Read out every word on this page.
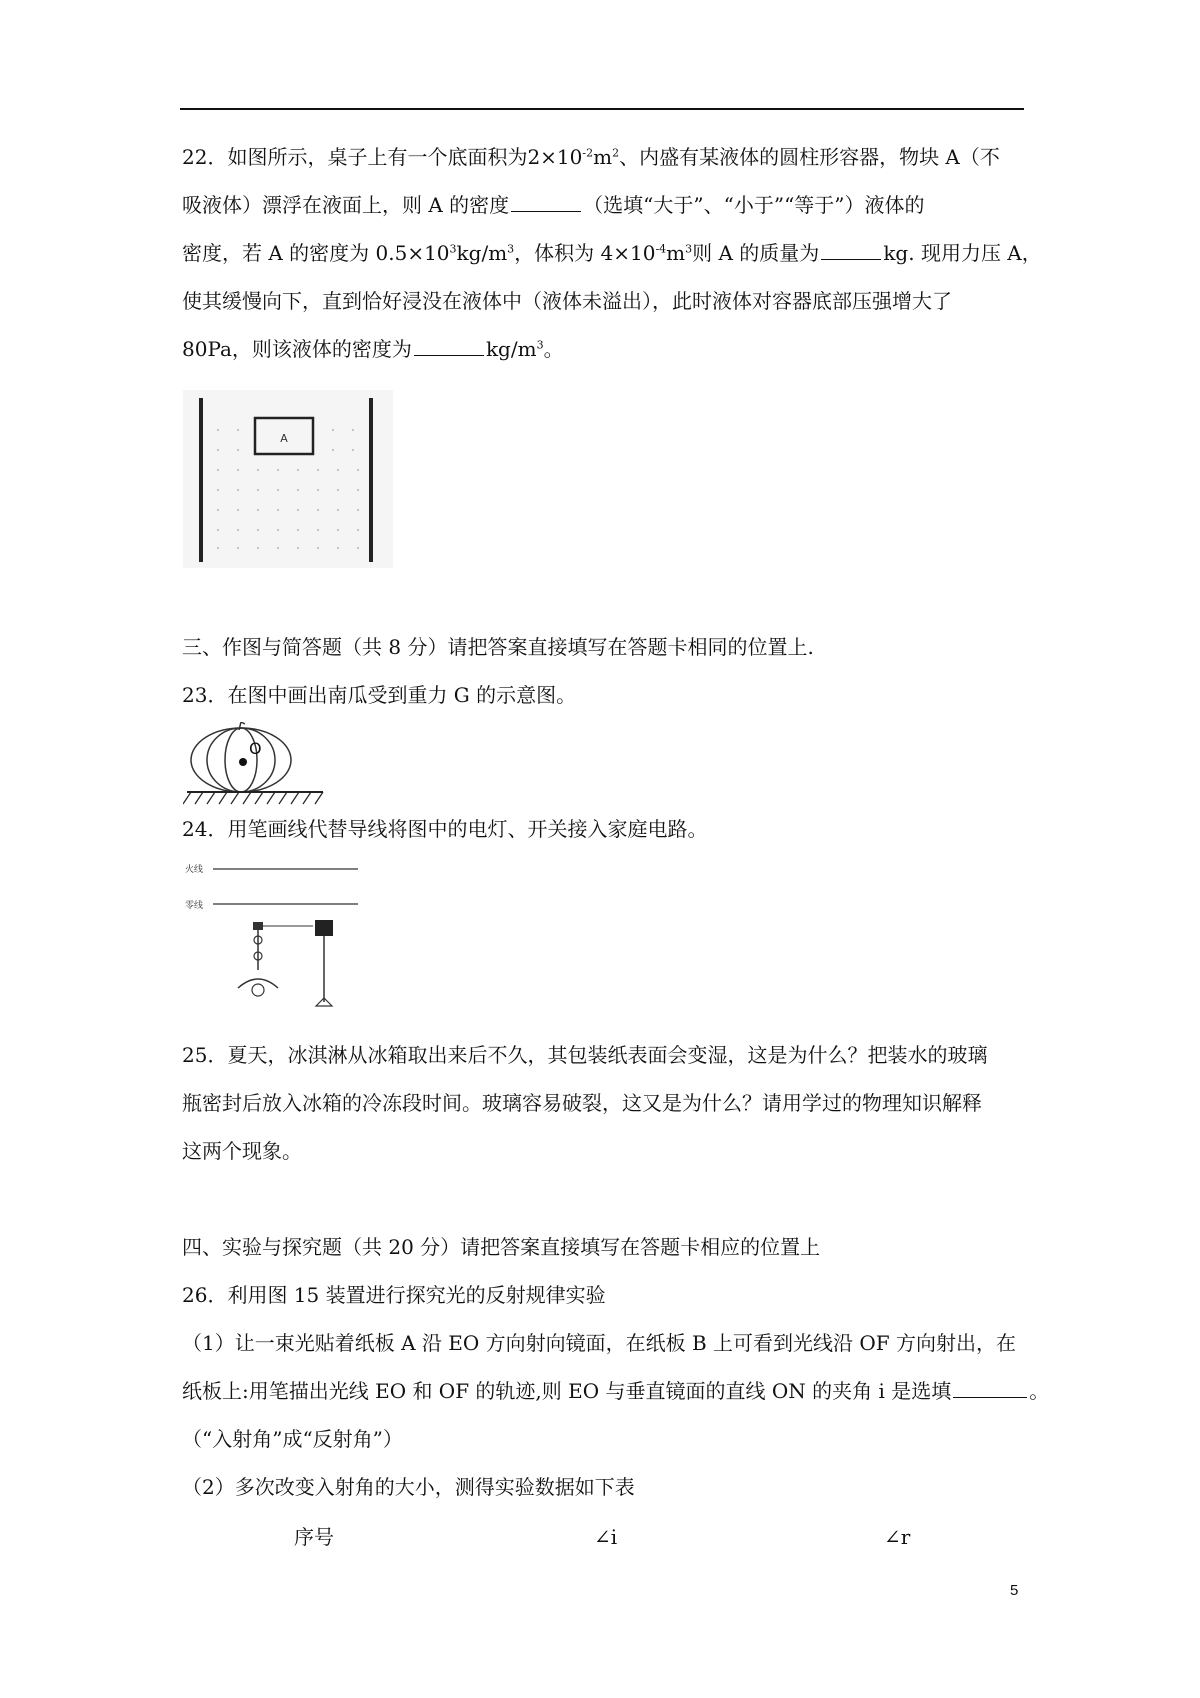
22．如图所示，桌子上有一个底面积为$2\times 10^{-2}m^2$、内盛有某液体的圆柱形容器，物块 A（不

吸液体）漂浮在液面上，则 A 的密度	（选填“大于”、“小于”“等于”）液体的

密度，若 A 的密度为 $0.5\times 10^3kg/m^3$，体积为 $4\times 10^{-4}m^3$则 A 的质量为	kg. 现用力压 A，

使其缓慢向下，直到恰好浸没在液体中（液体未溢出），此时液体对容器底部压强增大了

80Pa，则该液体的密度为	$kg/m^3$。

A

三、作图与简答题（共 8 分）请把答案直接填写在答题卡相同的位置上.

23．在图中画出南瓜受到重力 G 的示意图。

O

24．用笔画线代替导线将图中的电灯、开关接入家庭电路。

火线
零线

25．夏天，冰淇淋从冰箱取出来后不久，其包装纸表面会变湿，这是为什么？把装水的玻璃

瓶密封后放入冰箱的冷冻段时间。玻璃容易破裂，这又是为什么？请用学过的物理知识解释

这两个现象。

四、实验与探究题（共 20 分）请把答案直接填写在答题卡相应的位置上

26．利用图 15 装置进行探究光的反射规律实验

（1）让一束光贴着纸板 A 沿 EO 方向射向镜面，在纸板 B 上可看到光线沿 OF 方向射出，在

纸板上:用笔描出光线 EO 和 OF 的轨迹,则 EO 与垂直镜面的直线 ON 的夹角 i 是选填	。

（“入射角”成“反射角”）

（2）多次改变入射角的大小，测得实验数据如下表

序号	∠i	∠r
5
